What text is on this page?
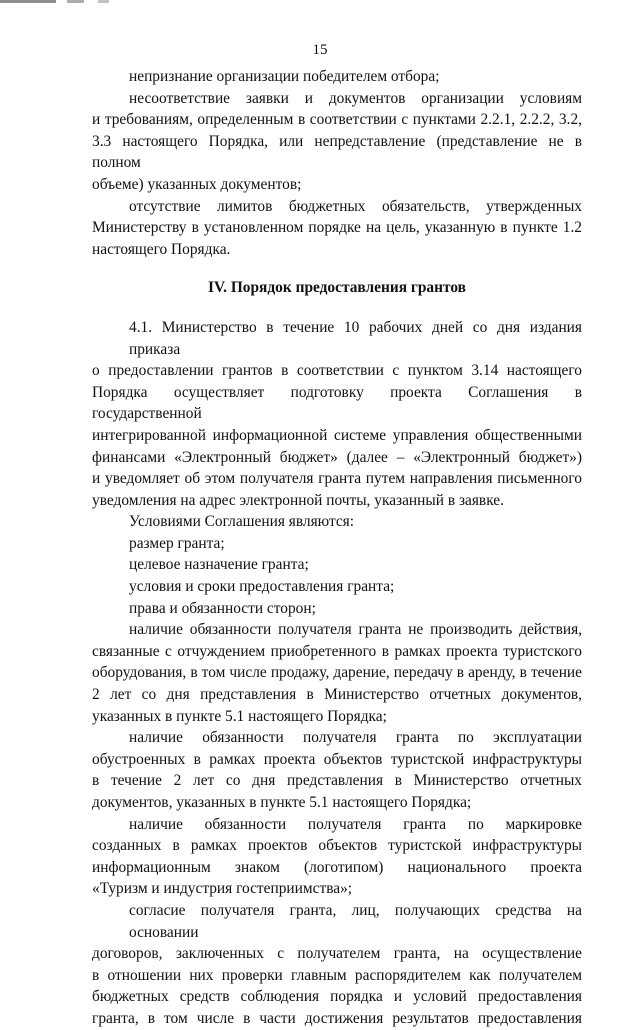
15
непризнание организации победителем отбора;
несоответствие заявки и документов организации условиям
и требованиям, определенным в соответствии с пунктами 2.2.1, 2.2.2, 3.2,
3.3 настоящего Порядка, или непредставление (представление не в полном
объеме) указанных документов;
отсутствие лимитов бюджетных обязательств, утвержденных
Министерству в установленном порядке на цель, указанную в пункте 1.2
настоящего Порядка.
IV. Порядок предоставления грантов
4.1. Министерство в течение 10 рабочих дней со дня издания приказа
о предоставлении грантов в соответствии с пунктом 3.14 настоящего
Порядка осуществляет подготовку проекта Соглашения в государственной
интегрированной информационной системе управления общественными
финансами «Электронный бюджет» (далее – «Электронный бюджет»)
и уведомляет об этом получателя гранта путем направления письменного
уведомления на адрес электронной почты, указанный в заявке.
Условиями Соглашения являются:
размер гранта;
целевое назначение гранта;
условия и сроки предоставления гранта;
права и обязанности сторон;
наличие обязанности получателя гранта не производить действия,
связанные с отчуждением приобретенного в рамках проекта туристского
оборудования, в том числе продажу, дарение, передачу в аренду, в течение
2 лет со дня представления в Министерство отчетных документов,
указанных в пункте 5.1 настоящего Порядка;
наличие обязанности получателя гранта по эксплуатации
обустроенных в рамках проекта объектов туристской инфраструктуры
в течение 2 лет со дня представления в Министерство отчетных
документов, указанных в пункте 5.1 настоящего Порядка;
наличие обязанности получателя гранта по маркировке
созданных в рамках проектов объектов туристской инфраструктуры
информационным знаком (логотипом) национального проекта
«Туризм и индустрия гостеприимства»;
согласие получателя гранта, лиц, получающих средства на основании
договоров, заключенных с получателем гранта, на осуществление
в отношении них проверки главным распорядителем как получателем
бюджетных средств соблюдения порядка и условий предоставления
гранта, в том числе в части достижения результатов предоставления
